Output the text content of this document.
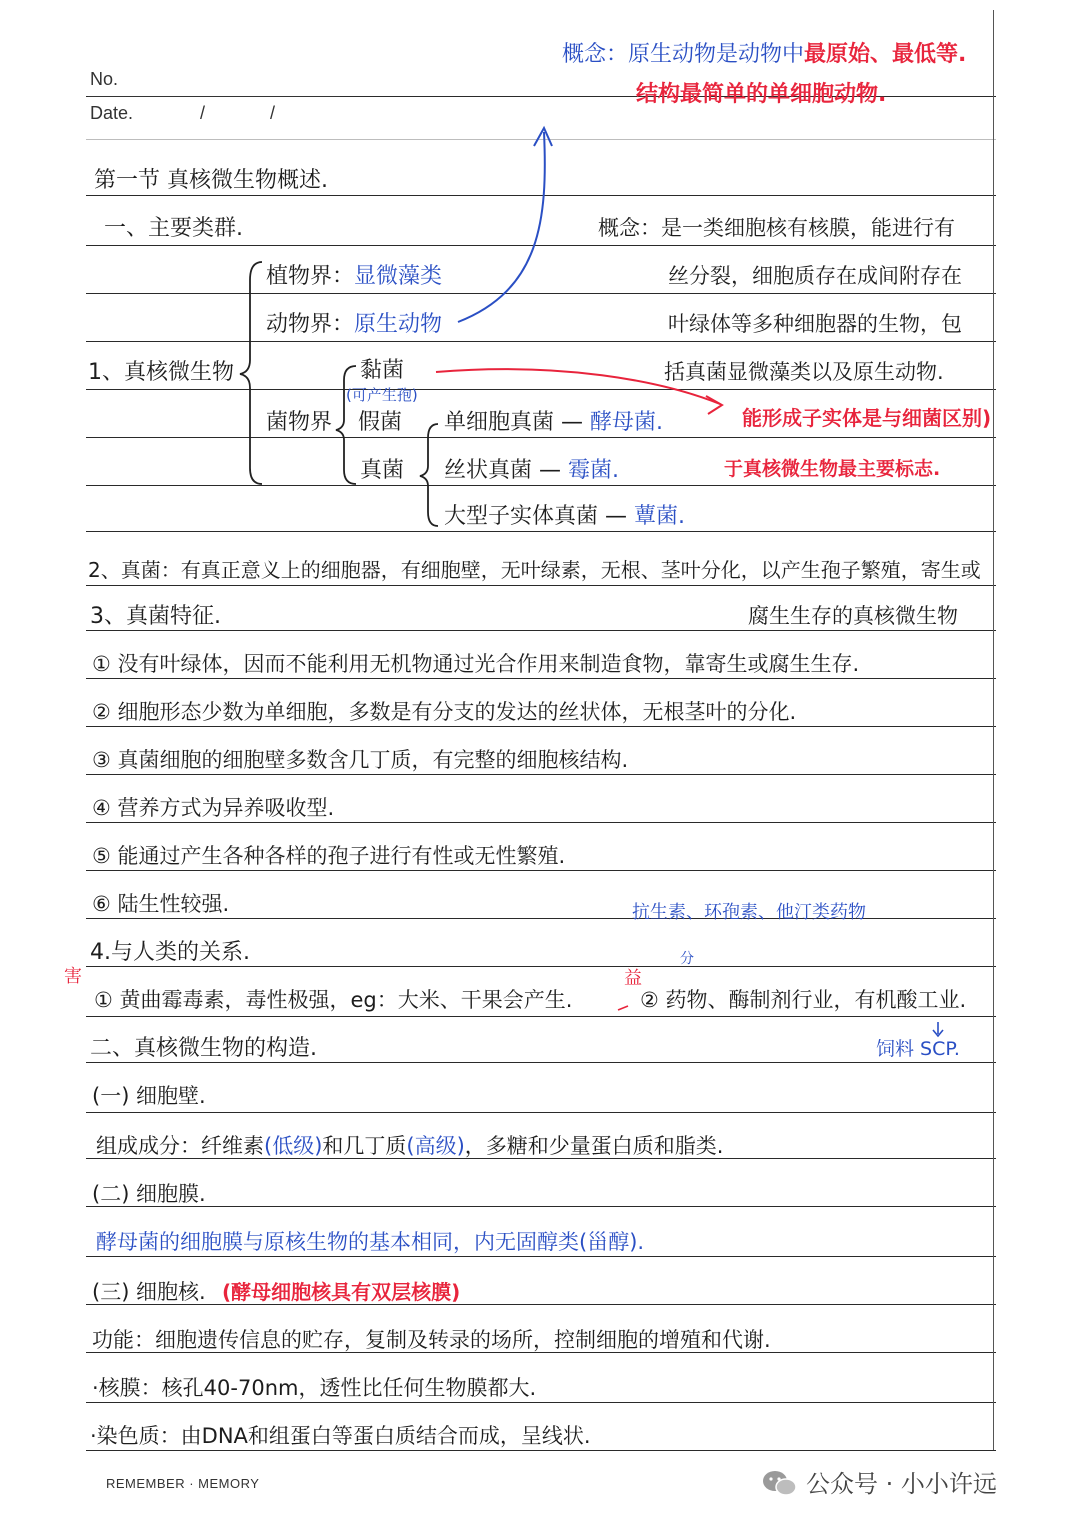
No.
Date.	/	/
概念：原生动物是动物中最原始、最低等.
结构最简单的单细胞动物.
第一节 真核微生物概述.
一、主要类群.	概念：是一类细胞核有核膜，能进行有
丝分裂，细胞质存在成间附存在
叶绿体等多种细胞器的生物，包
括真菌显微藻类以及原生动物.
1、真核微生物
植物界：显微藻类
动物界：原生动物
菌物界
黏菌
(可产生孢)
假菌
真菌
单细胞真菌 — 酵母菌.
丝状真菌 — 霉菌.
大型子实体真菌 — 蕈菌.
能形成子实体是与细菌区别)
于真核微生物最主要标志.
2、真菌：有真正意义上的细胞器，有细胞壁，无叶绿素，无根、茎叶分化，以产生孢子繁殖，寄生或
3、真菌特征.	腐生生存的真核微生物
① 没有叶绿体，因而不能利用无机物通过光合作用来制造食物，靠寄生或腐生生存.
② 细胞形态少数为单细胞，多数是有分支的发达的丝状体，无根茎叶的分化.
③ 真菌细胞的细胞壁多数含几丁质，有完整的细胞核结构.
④ 营养方式为异养吸收型.
⑤ 能通过产生各种各样的孢子进行有性或无性繁殖.
⑥ 陆生性较强.	抗生素、环孢素、他汀类药物
4.与人类的关系.
害	益
分
① 黄曲霉毒素，毒性极强，eg：大米、干果会产生.	② 药物、酶制剂行业，有机酸工业.
饲料 SCP.
二、真核微生物的构造.
(一) 细胞壁.
组成成分：纤维素(低级)和几丁质(高级)，多糖和少量蛋白质和脂类.
(二) 细胞膜.
酵母菌的细胞膜与原核生物的基本相同，内无固醇类(甾醇).
(三) 细胞核. (酵母细胞核具有双层核膜)
功能：细胞遗传信息的贮存，复制及转录的场所，控制细胞的增殖和代谢.
·核膜：核孔40-70nm，透性比任何生物膜都大.
·染色质：由DNA和组蛋白等蛋白质结合而成，呈线状.
REMEMBER · MEMORY	公众号 · 小小许远
